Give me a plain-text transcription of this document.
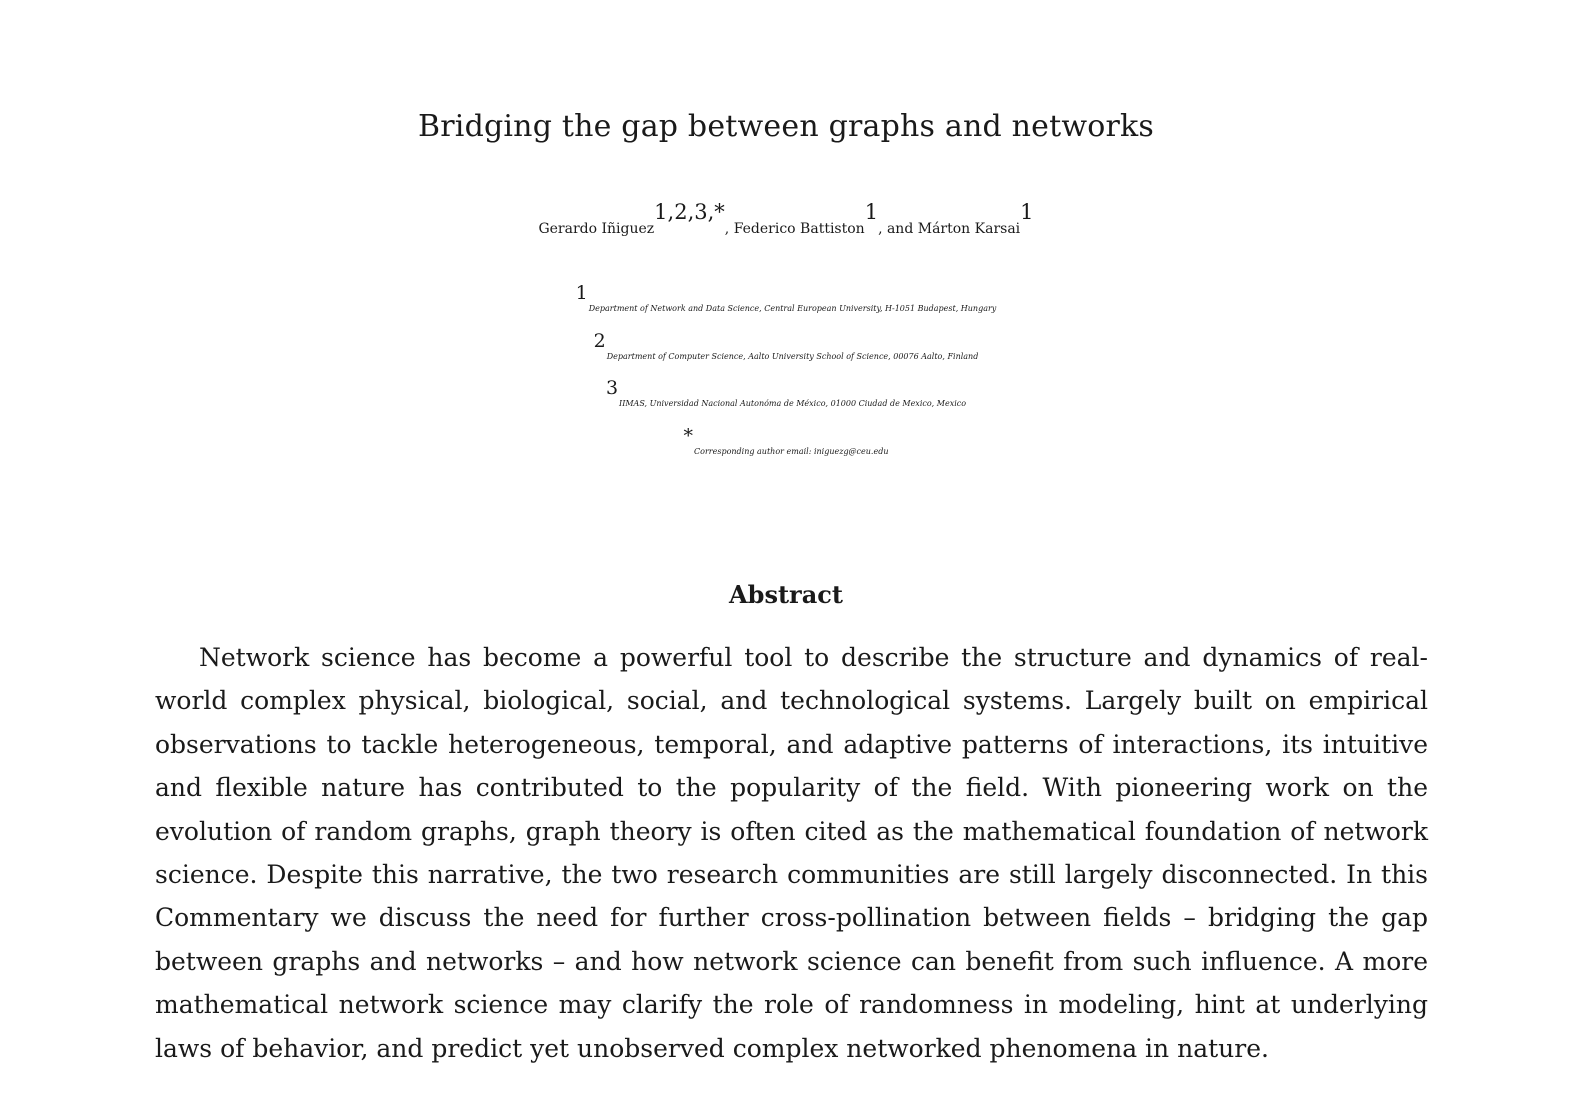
Bridging the gap between graphs and networks
Gerardo Iñiguez$^{1,2,3,*}$, Federico Battiston$^1$, and Márton Karsai$^1$
$^1$Department of Network and Data Science, Central European University, H-1051 Budapest, Hungary
$^2$Department of Computer Science, Aalto University School of Science, 00076 Aalto, Finland
$^3$IIMAS, Universidad Nacional Autonóma de México, 01000 Ciudad de Mexico, Mexico
*Corresponding author email: iniguezg@ceu.edu
Abstract

Network science has become a powerful tool to describe the structure and dynamics of real-world complex physical, biological, social, and technological systems. Largely built on empirical observations to tackle heterogeneous, temporal, and adaptive patterns of interactions, its intuitive and flexible nature has contributed to the popularity of the field. With pioneering work on the evolution of random graphs, graph theory is often cited as the mathematical foundation of network science. Despite this narrative, the two research communities are still largely disconnected. In this Commentary we discuss the need for further cross-pollination between fields – bridging the gap between graphs and networks – and how network science can benefit from such influence. A more mathematical network science may clarify the role of randomness in modeling, hint at underlying laws of behavior, and predict yet unobserved complex networked phenomena in nature.
